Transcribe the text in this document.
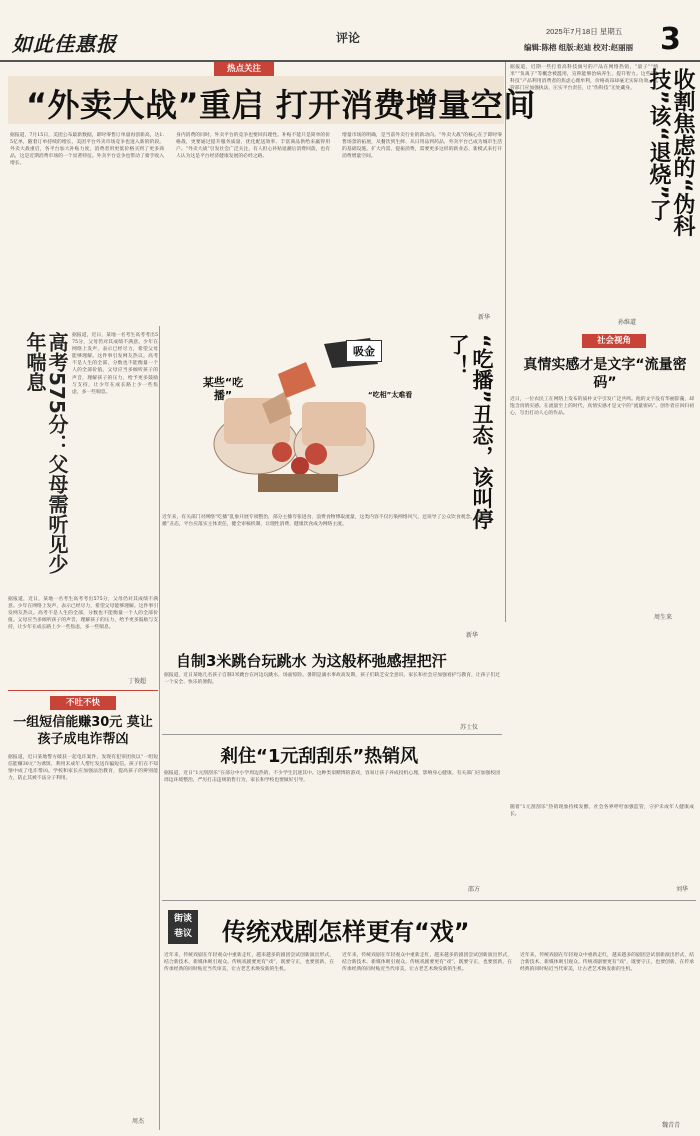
如此佳惠报	评论	2025年7月18日 星期五
编辑:陈榕 组版:赵迪 校对:赵丽丽 3
热点关注
“外卖大战”重启 打开消费增量空间
据报道，7月15日，美团公布最新数据，即时零售订单量再创新高，达1.5亿单，随着订单持续的增长，美团平台外卖市场竞争也进入新的阶段。外卖大战重启，各平台加大补贴力度，消费者用更低价格买到了更多商品，这是近期消费市场的一个显著特征。外卖平台竞争也带动了骑手收入增长。
身内消费的同时，外卖平台的竞争也要回归理性。补贴不能只是简单的价格战，更要通过提升服务质量、优化配送效率、丰富商品供给来赢得用户。“外卖大战”引发社会广泛关注，有人担心补贴退潮后消费回落，也有人认为这是平台经济健康发展的必经之路。
增量市场的明确，是当前外卖行业的新动向。“外卖大战”的核心在于即时零售场景的拓展，从餐饮到生鲜、从日用品到药品，外卖平台已成为城市生活的基础设施。扩大内需、提振消费，需要更多这样的新业态、新模式来打开消费增量空间。
新华
据报道，近期一些打着高科技旗号的产品在网络热销，“量子”“纳米”“负离子”等概念被滥用，宣称能够治病养生、提升智力。这些“伪科技”产品利用消费者的焦虑心理牟利，价格高昂却毫无实际功效。监管部门应加强执法，压实平台责任，让“伪科技”无处藏身。	收割焦虑的“伪科技”该“退烧”了
孙维道
高考575分：父母需听见少年喘息	据报道，近日，某地一名考生高考考出575分，父母仍对其成绩不满意。少年在网络上发声，表示已经尽力，希望父母能够理解。这件事引发网友热议。高考不是人生的全部，分数也不能衡量一个人的全部价值。父母应当多倾听孩子的声音，理解孩子的压力，给予更多鼓励与支持，让少年在成长路上少一些焦虑，多一些喘息。
据报道，近日，某地一名考生高考考出575分，父母仍对其成绩不满意。少年在网络上发声，表示已经尽力，希望父母能够理解。这件事引发网友热议。高考不是人生的全部，分数也不能衡量一个人的全部价值。父母应当多倾听孩子的声音，理解孩子的压力，给予更多鼓励与支持，让少年在成长路上少一些焦虑，多一些喘息。
丁俊超
吸金
某些“吃播”	“吃相”太难看	“吃播”丑态，该叫停了！
近年来，有关部门对网络“吃播”乱象开展专项整治，部分主播夸张进食、浪费食物博取流量，这类内容不仅污染网络风气，还误导了公众饮食观念。遏制“吃播”丑态，平台应落实主体责任，健全审核机制，让理性消费、健康饮食成为网络主流。
新华
社会视角
真情实感才是文字“流量密码”
近日，一位农民工在网络上发布的质朴文字引发广泛共鸣。他的文字没有华丽辞藻，却饱含真情实感。在流量至上的时代，真情实感才是文字的“流量密码”。创作者应回归初心，写出打动人心的作品。
周生来
不吐不快
一组短信能赚30元 莫让孩子成电诈帮凶
据报道，近日某地警方破获一起电诈案件，发现有犯罪团伙以“一组短信能赚30元”为诱饵，利用未成年人帮忙发送诈骗短信。孩子们在不知情中成了电诈帮凶。学校和家长应加强法治教育，提高孩子的辨别能力，防止其被不法分子利用。
周杰
自制3米跳台玩跳水 为这般杯弛感捏把汗
据报道，近日某地几名孩子自制3米跳台在河边玩跳水，场面惊险。暑期是溺水事故高发期，孩子们缺乏安全意识，家长和社会应加强看护与教育，让孩子们过一个安全、快乐的暑假。
苏士仪
剎住“1元刮刮乐”热销风
据报道，近日“1元刮刮乐”在部分中小学周边热销，不少学生沉迷其中。这种类似赌博的游戏，容易让孩子养成投机心理，影响身心健康。有关部门应加强校园周边环境整治，严厉打击违规销售行为，家长和学校也要做好引导。
邵方
随着“1元刮刮乐”热销现象持续发酵，社会各界呼吁加强监管，守护未成年人健康成长。
刘华
街谈
巷议 传统戏剧怎样更有“戏”
近年来，传统戏剧在年轻观众中重新走红，越来越多的剧团尝试创新演出形式，结合新技术、新媒体吸引观众。传统戏剧要更有“戏”，既要守正，也要创新，在传承经典的同时贴近当代审美，让古老艺术焕发新的生机。
近年来，传统戏剧在年轻观众中重新走红，越来越多的剧团尝试创新演出形式，结合新技术、新媒体吸引观众。传统戏剧要更有“戏”，既要守正，也要创新，在传承经典的同时贴近当代审美，让古老艺术焕发新的生机。
近年来，传统戏剧在年轻观众中重新走红，越来越多的剧团尝试创新演出形式，结合新技术、新媒体吸引观众。传统戏剧要更有“戏”，既要守正，也要创新，在传承经典的同时贴近当代审美，让古老艺术焕发新的生机。
魏青青
